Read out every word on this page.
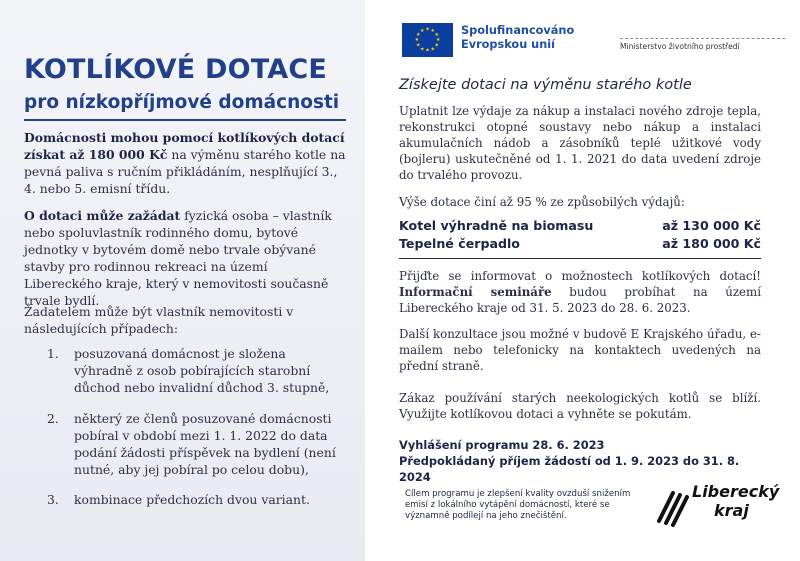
KOTLÍKOVÉ DOTACE
pro nízkopříjmové domácnosti
Domácnosti mohou pomocí kotlíkových dotací získat až 180 000 Kč na výměnu starého kotle na pevná paliva s ručním přikládáním, nesplňující 3., 4. nebo 5. emisní třídu.
O dotaci může zažádat fyzická osoba – vlastník nebo spoluvlastník rodinného domu, bytové jednotky v bytovém domě nebo trvale obývané stavby pro rodinnou rekreaci na území Libereckého kraje, který v nemovitosti současně trvale bydlí.
Žadatelem může být vlastník nemovitosti v následujících případech:
1. posuzovaná domácnost je složena výhradně z osob pobírajících starobní důchod nebo invalidní důchod 3. stupně,
2. některý ze členů posuzované domácnosti pobíral v období mezi 1. 1. 2022 do data podání žádosti příspěvek na bydlení (není nutné, aby jej pobíral po celou dobu),
3. kombinace předchozích dvou variant.
★ ★
★
★
★
★
★
★
★
★
★
★	Spolufinancováno
Evropskou unií	Ministerstvo životního prostředí
Získejte dotaci na výměnu starého kotle
Uplatnit lze výdaje za nákup a instalaci nového zdroje tepla, rekonstrukci otopné soustavy nebo nákup a instalaci akumulačních nádob a zásobníků teplé užitkové vody (bojleru) uskutečněné od 1. 1. 2021 do data uvedení zdroje do trvalého provozu.
Výše dotace činí až 95 % ze způsobilých výdajů:
Kotel výhradně na biomasu	až 130 000 Kč
Tepelné čerpadlo	až 180 000 Kč
Přijďte se informovat o možnostech kotlíkových dotací! Informační semináře budou probíhat na území Libereckého kraje od 31. 5. 2023 do 28. 6. 2023.
Další konzultace jsou možné v budově E Krajského úřadu, e-mailem nebo telefonicky na kontaktech uvedených na přední straně.
Zákaz používání starých neekologických kotlů se blíží. Využijte kotlíkovou dotaci a vyhněte se pokutám.
Vyhlášení programu 28. 6. 2023
Předpokládaný příjem žádostí od 1. 9. 2023 do 31. 8. 2024
Cílem programu je zlepšení kvality ovzduší snižením emisí z lokálního vytápění domácností, které se významně podílejí na jeho znečištění.
Liberecký
kraj
